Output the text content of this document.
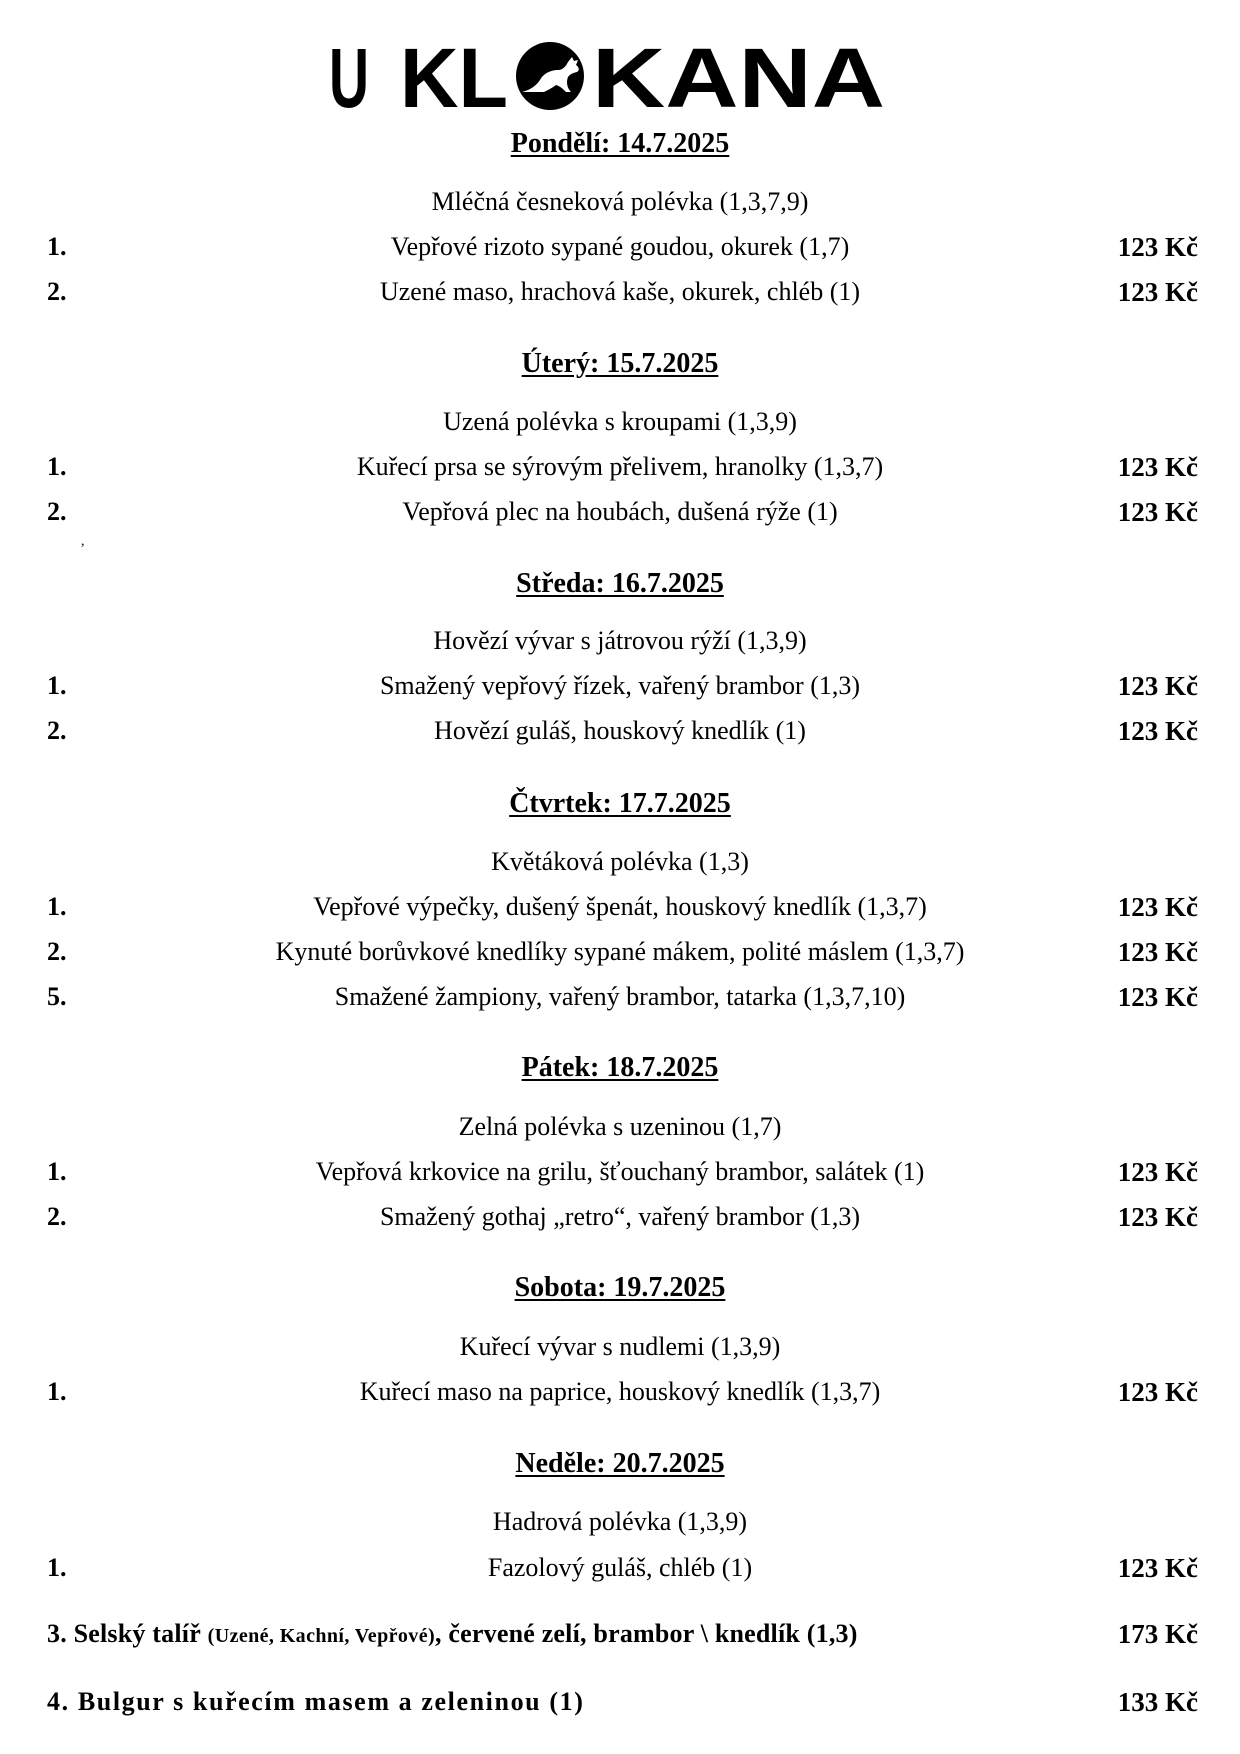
U KL KANA
Pondělí: 14.7.2025
Mléčná česneková polévka (1,3,7,9)
1.	Vepřové rizoto sypané goudou, okurek (1,7)	123 Kč
2.	Uzené maso, hrachová kaše, okurek, chléb (1)	123 Kč
Úterý: 15.7.2025
Uzená polévka s kroupami (1,3,9)
1.	Kuřecí prsa se sýrovým přelivem, hranolky (1,3,7)	123 Kč
2.	Vepřová plec na houbách, dušená rýže (1)	123 Kč
,
Středa: 16.7.2025
Hovězí vývar s játrovou rýží (1,3,9)
1.	Smažený vepřový řízek, vařený brambor (1,3)	123 Kč
2.	Hovězí guláš, houskový knedlík (1)	123 Kč
Čtvrtek: 17.7.2025
Květáková polévka (1,3)
1.	Vepřové výpečky, dušený špenát, houskový knedlík (1,3,7)	123 Kč
2.	Kynuté borůvkové knedlíky sypané mákem, polité máslem (1,3,7)	123 Kč
5.	Smažené žampiony, vařený brambor, tatarka (1,3,7,10)	123 Kč
Pátek: 18.7.2025
Zelná polévka s uzeninou (1,7)
1.	Vepřová krkovice na grilu, šťouchaný brambor, salátek (1)	123 Kč
2.	Smažený gothaj „retro“, vařený brambor (1,3)	123 Kč
Sobota: 19.7.2025
Kuřecí vývar s nudlemi (1,3,9)
1.	Kuřecí maso na paprice, houskový knedlík (1,3,7)	123 Kč
Neděle: 20.7.2025
Hadrová polévka (1,3,9)
1.	Fazolový guláš, chléb (1)	123 Kč
3. Selský talíř (Uzené, Kachní, Vepřové), červené zelí, brambor \ knedlík (1,3)	173 Kč
4. Bulgur s kuřecím masem a zeleninou (1)	133 Kč
